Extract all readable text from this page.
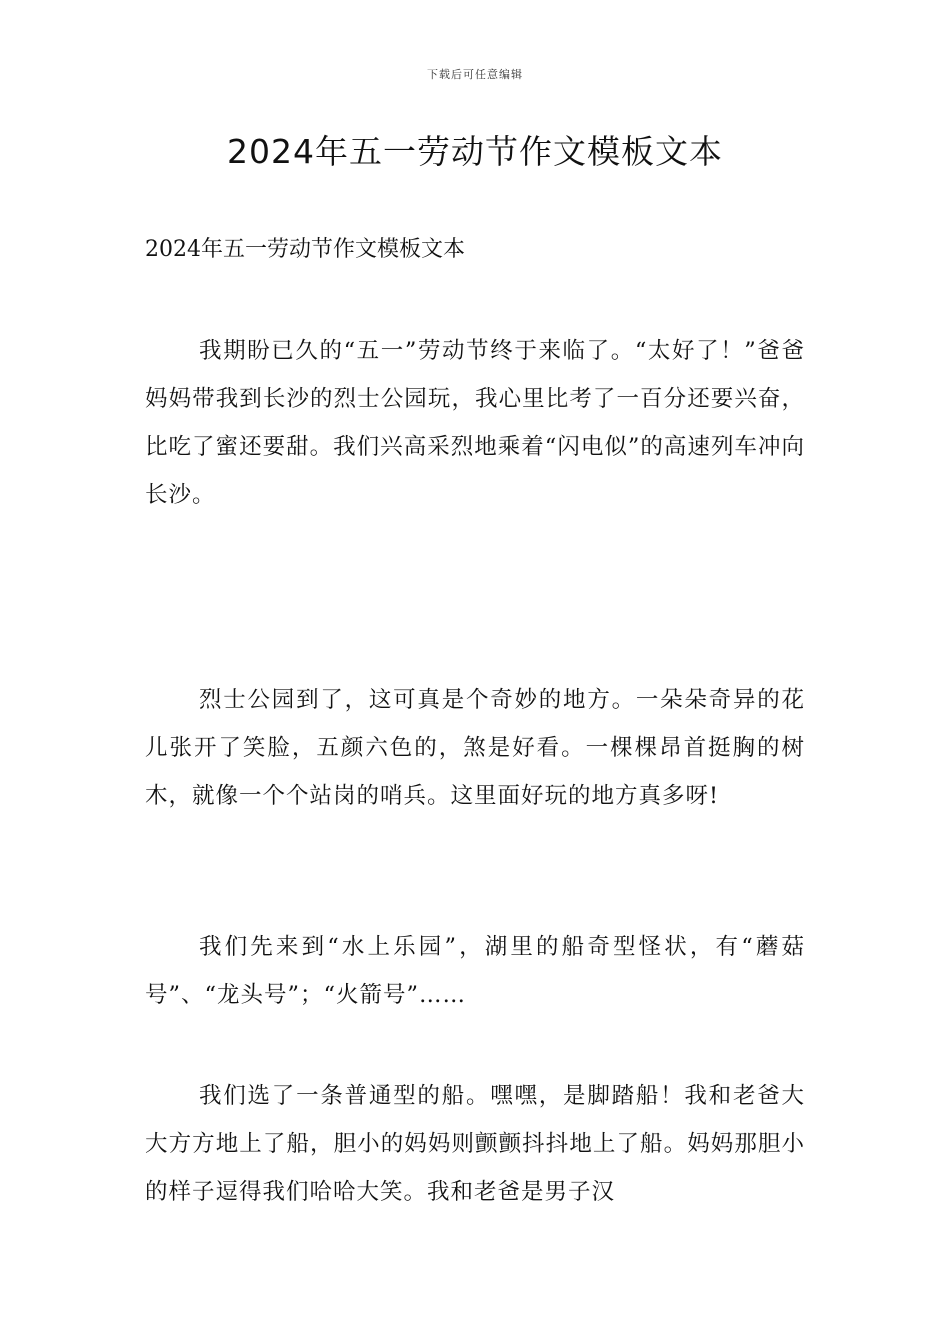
下载后可任意编辑
2024年五一劳动节作文模板文本

2024年五一劳动节作文模板文本

我期盼已久的“五一”劳动节终于来临了。“太好了！”爸爸妈妈带我到长沙的烈士公园玩，我心里比考了一百分还要兴奋，比吃了蜜还要甜。我们兴高采烈地乘着“闪电似”的高速列车冲向长沙。

烈士公园到了，这可真是个奇妙的地方。一朵朵奇异的花儿张开了笑脸，五颜六色的，煞是好看。一棵棵昂首挺胸的树木，就像一个个站岗的哨兵。这里面好玩的地方真多呀!

我们先来到“水上乐园”，湖里的船奇型怪状，有“蘑菇号”、“龙头号”；“火箭号”……

我们选了一条普通型的船。嘿嘿，是脚踏船！我和老爸大大方方地上了船，胆小的妈妈则颤颤抖抖地上了船。妈妈那胆小的样子逗得我们哈哈大笑。我和老爸是男子汉
